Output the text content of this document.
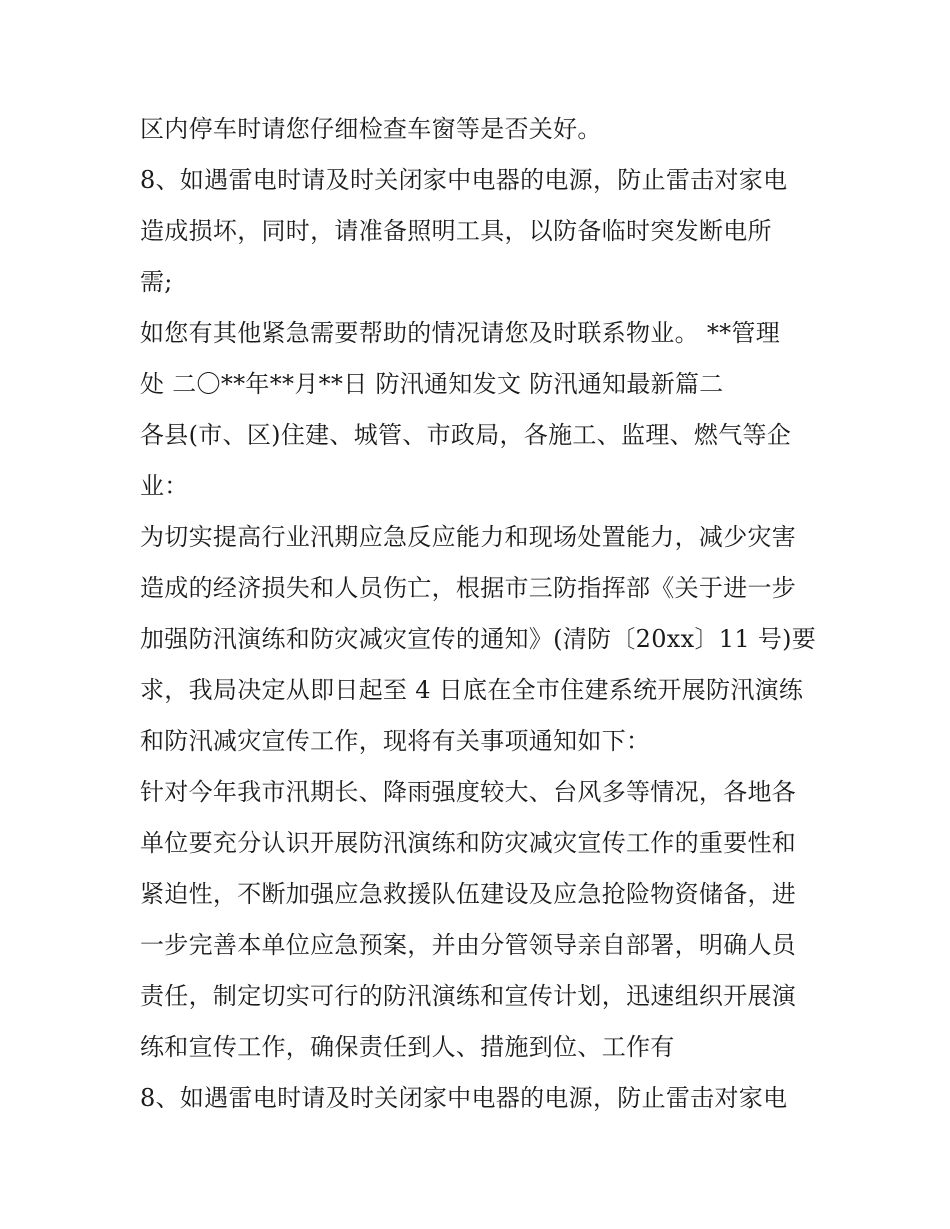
区内停车时请您仔细检查车窗等是否关好。
8、如遇雷电时请及时关闭家中电器的电源，防止雷击对家电
造成损坏，同时，请准备照明工具，以防备临时突发断电所
需;
如您有其他紧急需要帮助的情况请您及时联系物业。 **管理
处 二〇**年**月**日 防汛通知发文 防汛通知最新篇二
各县(市、区)住建、城管、市政局，各施工、监理、燃气等企
业：
为切实提高行业汛期应急反应能力和现场处置能力，减少灾害
造成的经济损失和人员伤亡，根据市三防指挥部《关于进一步
加强防汛演练和防灾减灾宣传的通知》(清防〔20xx〕11 号)要
求，我局决定从即日起至 4 日底在全市住建系统开展防汛演练
和防汛减灾宣传工作，现将有关事项通知如下：
针对今年我市汛期长、降雨强度较大、台风多等情况，各地各
单位要充分认识开展防汛演练和防灾减灾宣传工作的重要性和
紧迫性，不断加强应急救援队伍建设及应急抢险物资储备，进
一步完善本单位应急预案，并由分管领导亲自部署，明确人员
责任，制定切实可行的防汛演练和宣传计划，迅速组织开展演
练和宣传工作，确保责任到人、措施到位、工作有
8、如遇雷电时请及时关闭家中电器的电源，防止雷击对家电
